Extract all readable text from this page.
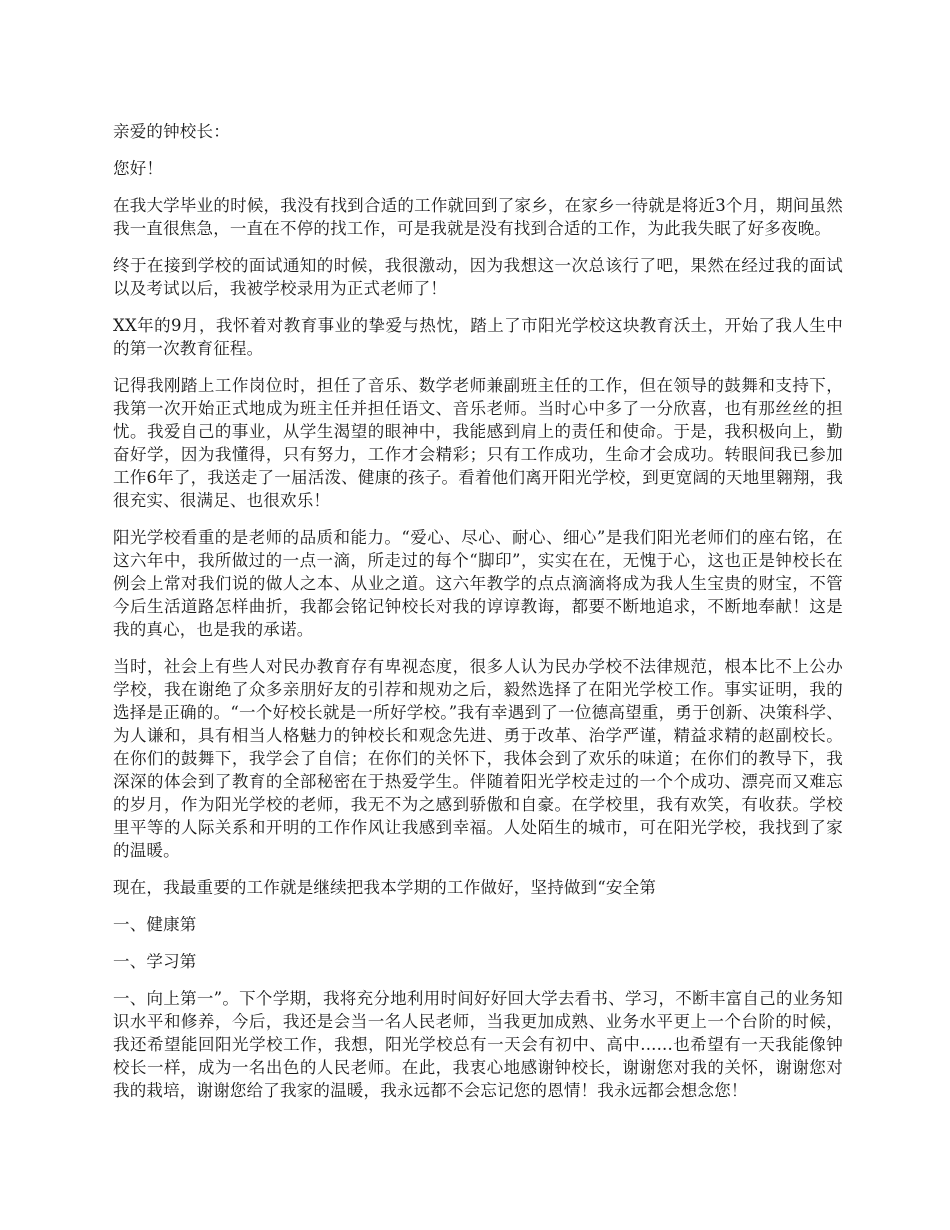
亲爱的钟校长：

您好！

在我大学毕业的时候，我没有找到合适的工作就回到了家乡，在家乡一待就是将近3个月，期间虽然我一直很焦急，一直在不停的找工作，可是我就是没有找到合适的工作，为此我失眠了好多夜晚。

终于在接到学校的面试通知的时候，我很激动，因为我想这一次总该行了吧，果然在经过我的面试以及考试以后，我被学校录用为正式老师了！

XX年的9月，我怀着对教育事业的挚爱与热忱，踏上了市阳光学校这块教育沃土，开始了我人生中的第一次教育征程。

记得我刚踏上工作岗位时，担任了音乐、数学老师兼副班主任的工作，但在领导的鼓舞和支持下，我第一次开始正式地成为班主任并担任语文、音乐老师。当时心中多了一分欣喜，也有那丝丝的担忧。我爱自己的事业，从学生渴望的眼神中，我能感到肩上的责任和使命。于是，我积极向上，勤奋好学，因为我懂得，只有努力，工作才会精彩；只有工作成功，生命才会成功。转眼间我已参加工作6年了，我送走了一届活泼、健康的孩子。看着他们离开阳光学校，到更宽阔的天地里翱翔，我很充实、很满足、也很欢乐！

阳光学校看重的是老师的品质和能力。“爱心、尽心、耐心、细心”是我们阳光老师们的座右铭，在这六年中，我所做过的一点一滴，所走过的每个“脚印”，实实在在，无愧于心，这也正是钟校长在例会上常对我们说的做人之本、从业之道。这六年教学的点点滴滴将成为我人生宝贵的财宝，不管今后生活道路怎样曲折，我都会铭记钟校长对我的谆谆教诲，都要不断地追求，不断地奉献！这是我的真心，也是我的承诺。

当时，社会上有些人对民办教育存有卑视态度，很多人认为民办学校不法律规范，根本比不上公办学校，我在谢绝了众多亲朋好友的引荐和规劝之后，毅然选择了在阳光学校工作。事实证明，我的选择是正确的。“一个好校长就是一所好学校。”我有幸遇到了一位德高望重，勇于创新、决策科学、为人谦和，具有相当人格魅力的钟校长和观念先进、勇于改革、治学严谨，精益求精的赵副校长。在你们的鼓舞下，我学会了自信；在你们的关怀下，我体会到了欢乐的味道；在你们的教导下，我深深的体会到了教育的全部秘密在于热爱学生。伴随着阳光学校走过的一个个成功、漂亮而又难忘的岁月，作为阳光学校的老师，我无不为之感到骄傲和自豪。在学校里，我有欢笑，有收获。学校里平等的人际关系和开明的工作作风让我感到幸福。人处陌生的城市，可在阳光学校，我找到了家的温暖。

现在，我最重要的工作就是继续把我本学期的工作做好，坚持做到“安全第

一、健康第

一、学习第

一、向上第一”。下个学期，我将充分地利用时间好好回大学去看书、学习，不断丰富自己的业务知识水平和修养，今后，我还是会当一名人民老师，当我更加成熟、业务水平更上一个台阶的时候，我还希望能回阳光学校工作，我想，阳光学校总有一天会有初中、高中......也希望有一天我能像钟校长一样，成为一名出色的人民老师。在此，我衷心地感谢钟校长，谢谢您对我的关怀，谢谢您对我的栽培，谢谢您给了我家的温暖，我永远都不会忘记您的恩情！我永远都会想念您！
